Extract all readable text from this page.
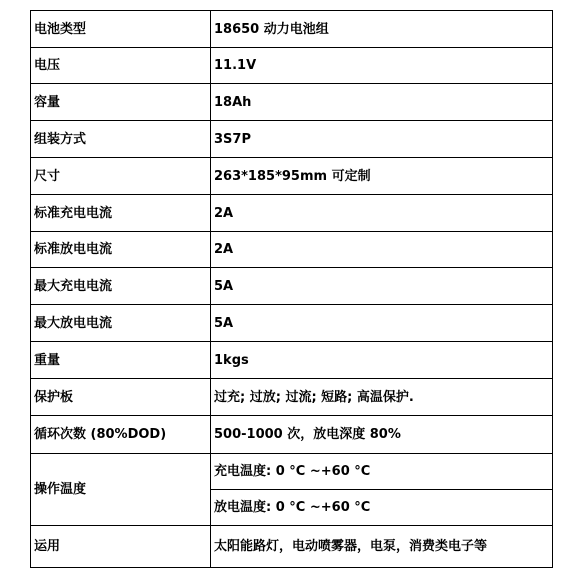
电池类型	18650 动力电池组
电压	11.1V
容量	18Ah
组装方式	3S7P
尺寸	263*185*95mm 可定制
标准充电电流	2A
标准放电电流	2A
最大充电电流	5A
最大放电电流	5A
重量	1kgs
保护板	过充; 过放; 过流; 短路; 高温保护.
循环次数 (80%DOD)	500-1000 次，放电深度 80%
操作温度	充电温度: 0 °C ~+60 °C
	放电温度: 0 °C ~+60 °C
运用	太阳能路灯，电动喷雾器，电泵，消费类电子等
